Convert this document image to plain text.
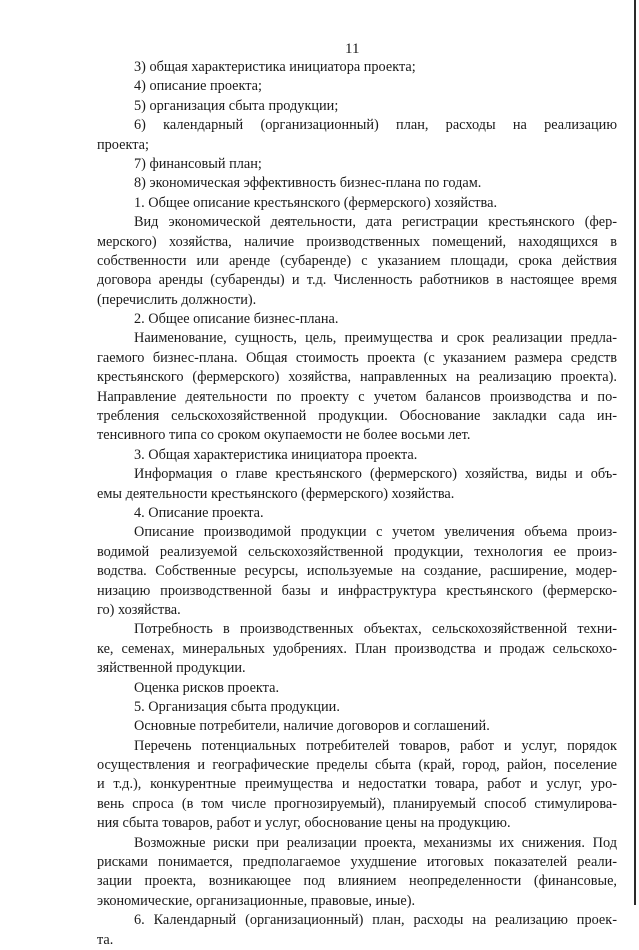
11
3) общая характеристика инициатора проекта;
4) описание проекта;
5) организация сбыта продукции;
6) календарный (организационный) план, расходы на реализацию
проекта;
7) финансовый план;
8) экономическая эффективность бизнес-плана по годам.
1. Общее описание крестьянского (фермерского) хозяйства.
Вид экономической деятельности, дата регистрации крестьянского (фер-
мерского) хозяйства, наличие производственных помещений, находящихся в
собственности или аренде (субаренде) с указанием площади, срока действия
договора аренды (субаренды) и т.д. Численность работников в настоящее время
(перечислить должности).
2. Общее описание бизнес-плана.
Наименование, сущность, цель, преимущества и срок реализации предла-
гаемого бизнес-плана. Общая стоимость проекта (с указанием размера средств
крестьянского (фермерского) хозяйства, направленных на реализацию проекта).
Направление деятельности по проекту с учетом балансов производства и по-
требления сельскохозяйственной продукции. Обоснование закладки сада ин-
тенсивного типа со сроком окупаемости не более восьми лет.
3. Общая характеристика инициатора проекта.
Информация о главе крестьянского (фермерского) хозяйства, виды и объ-
емы деятельности крестьянского (фермерского) хозяйства.
4. Описание проекта.
Описание производимой продукции с учетом увеличения объема произ-
водимой реализуемой сельскохозяйственной продукции, технология ее произ-
водства. Собственные ресурсы, используемые на создание, расширение, модер-
низацию производственной базы и инфраструктура крестьянского (фермерско-
го) хозяйства.
Потребность в производственных объектах, сельскохозяйственной техни-
ке, семенах, минеральных удобрениях. План производства и продаж сельскохо-
зяйственной продукции.
Оценка рисков проекта.
5. Организация сбыта продукции.
Основные потребители, наличие договоров и соглашений.
Перечень потенциальных потребителей товаров, работ и услуг, порядок
осуществления и географические пределы сбыта (край, город, район, поселение
и т.д.), конкурентные преимущества и недостатки товара, работ и услуг, уро-
вень спроса (в том числе прогнозируемый), планируемый способ стимулирова-
ния сбыта товаров, работ и услуг, обоснование цены на продукцию.
Возможные риски при реализации проекта, механизмы их снижения. Под
рисками понимается, предполагаемое ухудшение итоговых показателей реали-
зации проекта, возникающее под влиянием неопределенности (финансовые,
экономические, организационные, правовые, иные).
6. Календарный (организационный) план, расходы на реализацию проек-
та.
